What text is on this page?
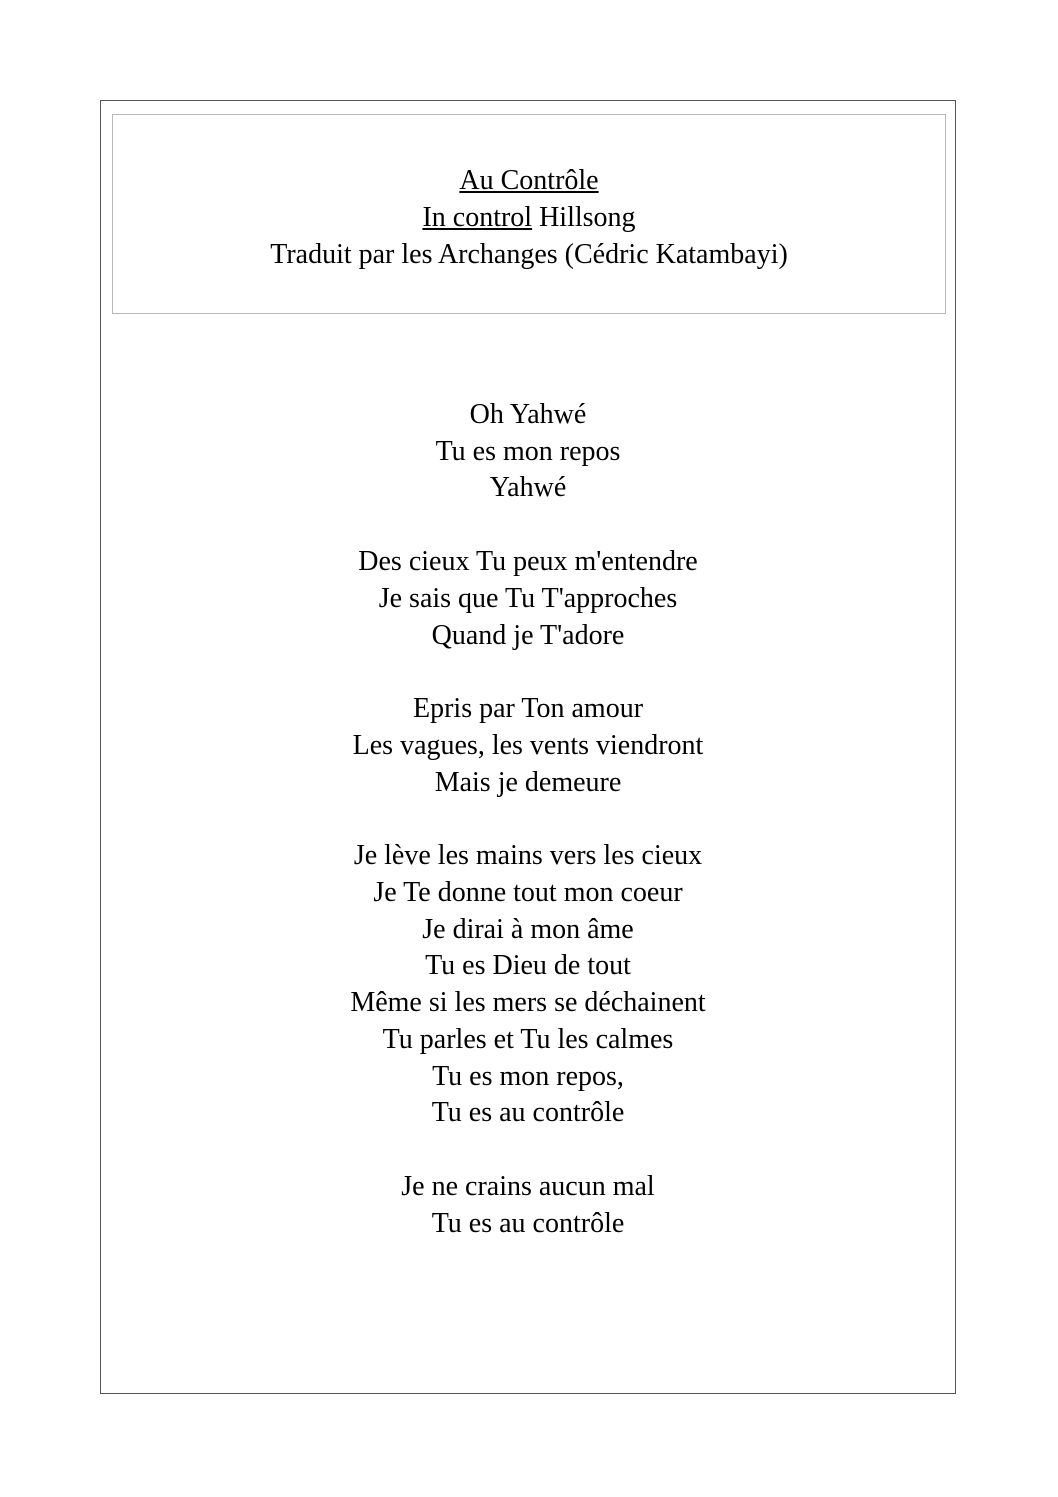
Au Contrôle
In control Hillsong
Traduit par les Archanges (Cédric Katambayi)
Oh Yahwé
Tu es mon repos
Yahwé
Des cieux Tu peux m'entendre
Je sais que Tu T'approches
Quand je T'adore
Epris par Ton amour
Les vagues, les vents viendront
Mais je demeure
Je lève les mains vers les cieux
Je Te donne tout mon coeur
Je dirai à mon âme
Tu es Dieu de tout
Même si les mers se déchainent
Tu parles et Tu les calmes
Tu es mon repos,
Tu es au contrôle
Je ne crains aucun mal
Tu es au contrôle
